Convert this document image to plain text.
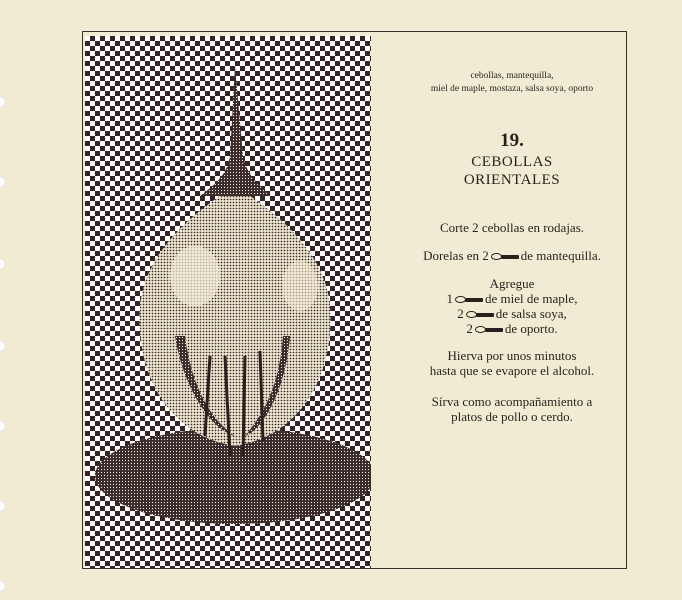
cebollas, mantequilla,
miel de maple, mostaza, salsa soya, oporto
19.
CEBOLLAS
ORIENTALES
Corte 2 cebollas en rodajas.
Dorelas en 2 de mantequilla.
Agregue
1 de miel de maple,
2 de salsa soya,
2 de oporto.
Hierva por unos minutos
hasta que se evapore el alcohol.
Sírva como acompañamiento a
platos de pollo o cerdo.
